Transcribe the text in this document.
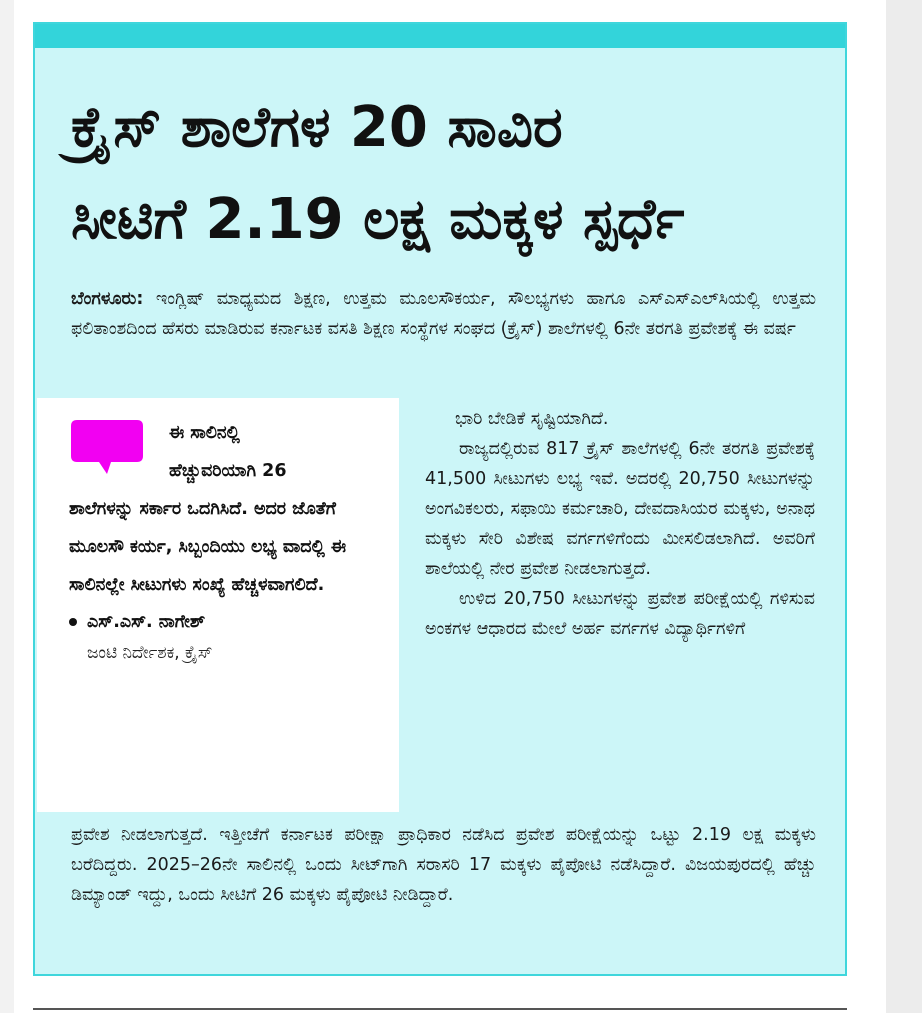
ಕ್ರೈಸ್ ಶಾಲೆಗಳ 20 ಸಾವಿರ
ಸೀಟಿಗೆ 2.19 ಲಕ್ಷ ಮಕ್ಕಳ ಸ್ಪರ್ಧೆ

ಬೆಂಗಳೂರು: ಇಂಗ್ಲಿಷ್ ಮಾಧ್ಯಮದ ಶಿಕ್ಷಣ, ಉತ್ತಮ ಮೂಲಸೌಕರ್ಯ, ಸೌಲಭ್ಯಗಳು ಹಾಗೂ ಎಸ್‌ಎಸ್‌ಎಲ್‌ಸಿಯಲ್ಲಿ ಉತ್ತಮ ಫಲಿತಾಂಶದಿಂದ ಹೆಸರು ಮಾಡಿರುವ ಕರ್ನಾಟಕ ವಸತಿ ಶಿಕ್ಷಣ ಸಂಸ್ಥೆಗಳ ಸಂಘದ (ಕ್ರೈಸ್) ಶಾಲೆಗಳಲ್ಲಿ 6ನೇ ತರಗತಿ ಪ್ರವೇಶಕ್ಕೆ ಈ ವರ್ಷ

ಭಾರಿ ಬೇಡಿಕೆ ಸೃಷ್ಟಿಯಾಗಿದೆ.

ರಾಜ್ಯದಲ್ಲಿರುವ 817 ಕ್ರೈಸ್ ಶಾಲೆಗಳಲ್ಲಿ 6ನೇ ತರಗತಿ ಪ್ರವೇಶಕ್ಕೆ 41,500 ಸೀಟುಗಳು ಲಭ್ಯ ಇವೆ. ಅದರಲ್ಲಿ 20,750 ಸೀಟುಗಳನ್ನು ಅಂಗವಿಕಲರು, ಸಫಾಯಿ ಕರ್ಮಚಾರಿ, ದೇವದಾಸಿಯರ ಮಕ್ಕಳು, ಅನಾಥ ಮಕ್ಕಳು ಸೇರಿ ವಿಶೇಷ ವರ್ಗಗಳಿಗೆಂದು ಮೀಸಲಿಡಲಾಗಿದೆ. ಅವರಿಗೆ ಶಾಲೆಯಲ್ಲಿ ನೇರ ಪ್ರವೇಶ ನೀಡಲಾಗುತ್ತದೆ.

ಉಳಿದ 20,750 ಸೀಟುಗಳನ್ನು ಪ್ರವೇಶ ಪರೀಕ್ಷೆಯಲ್ಲಿ ಗಳಿಸುವ ಅಂಕಗಳ ಆಧಾರದ ಮೇಲೆ ಅರ್ಹ ವರ್ಗಗಳ ವಿದ್ಯಾರ್ಥಿಗಳಿಗೆ

ಈ ಸಾಲಿನಲ್ಲಿ
ಹೆಚ್ಚುವರಿಯಾಗಿ 26
ಶಾಲೆಗಳನ್ನು ಸರ್ಕಾರ ಒದಗಿಸಿದೆ. ಅದರ ಜೊತೆಗೆ ಮೂಲಸೌ ಕರ್ಯ, ಸಿಬ್ಬಂದಿಯು ಲಭ್ಯ ವಾದಲ್ಲಿ ಈ ಸಾಲಿನಲ್ಲೇ ಸೀಟುಗಳು ಸಂಖ್ಯೆ ಹೆಚ್ಚಳವಾಗಲಿದೆ.

ಎಸ್.ಎಸ್. ನಾಗೇಶ್
ಜಂಟಿ ನಿರ್ದೇಶಕ, ಕ್ರೈಸ್

ಪ್ರವೇಶ ನೀಡಲಾಗುತ್ತದೆ. ಇತ್ತೀಚೆಗೆ ಕರ್ನಾಟಕ ಪರೀಕ್ಷಾ ಪ್ರಾಧಿಕಾರ ನಡೆಸಿದ ಪ್ರವೇಶ ಪರೀಕ್ಷೆಯನ್ನು ಒಟ್ಟು 2.19 ಲಕ್ಷ ಮಕ್ಕಳು ಬರೆದಿದ್ದರು. 2025–26ನೇ ಸಾಲಿನಲ್ಲಿ ಒಂದು ಸೀಟ್‌ಗಾಗಿ ಸರಾಸರಿ 17 ಮಕ್ಕಳು ಪೈಪೋಟಿ ನಡೆಸಿದ್ದಾರೆ. ವಿಜಯಪುರದಲ್ಲಿ ಹೆಚ್ಚು ಡಿಮ್ಯಾಂಡ್ ಇದ್ದು, ಒಂದು ಸೀಟಿಗೆ 26 ಮಕ್ಕಳು ಪೈಪೋಟಿ ನೀಡಿದ್ದಾರೆ.
